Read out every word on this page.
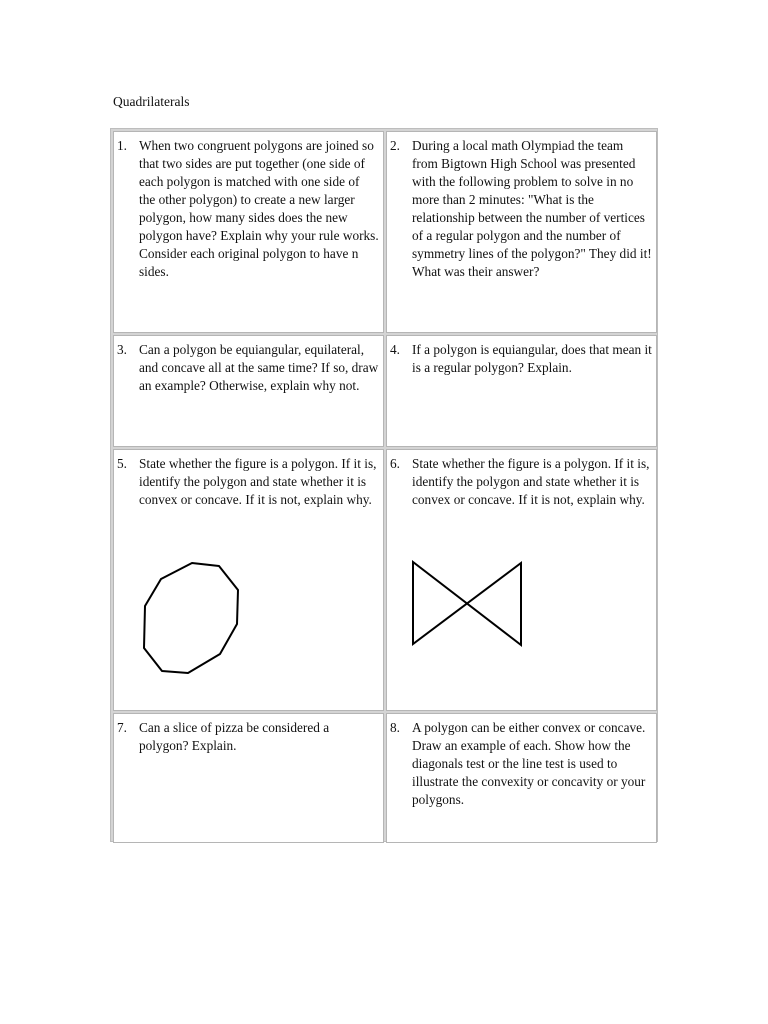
Quadrilaterals
1. When two congruent polygons are joined so that two sides are put together (one side of each polygon is matched with one side of the other polygon) to create a new larger polygon, how many sides does the new polygon have? Explain why your rule works. Consider each original polygon to have n sides.
2. During a local math Olympiad the team from Bigtown High School was presented with the following problem to solve in no more than 2 minutes: "What is the relationship between the number of vertices of a regular polygon and the number of symmetry lines of the polygon?" They did it! What was their answer?
3. Can a polygon be equiangular, equilateral, and concave all at the same time? If so, draw an example? Otherwise, explain why not.
4. If a polygon is equiangular, does that mean it is a regular polygon? Explain.
5. State whether the figure is a polygon. If it is, identify the polygon and state whether it is convex or concave. If it is not, explain why.
6. State whether the figure is a polygon. If it is, identify the polygon and state whether it is convex or concave. If it is not, explain why.
7. Can a slice of pizza be considered a polygon? Explain.
8. A polygon can be either convex or concave. Draw an example of each. Show how the diagonals test or the line test is used to illustrate the convexity or concavity or your polygons.
